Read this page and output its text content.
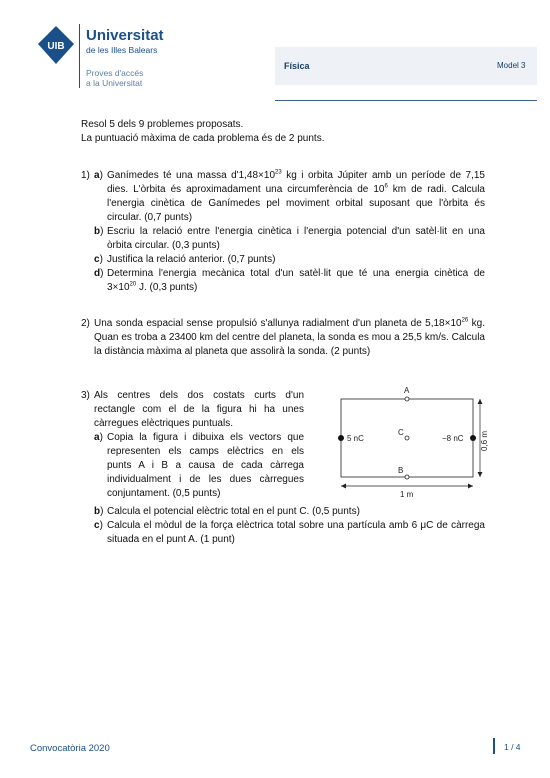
UIB
Universitat
de les Illes Balears
Proves d'accés
a la Universitat
Física	Model 3

Resol 5 dels 9 problemes proposats.

La puntuació màxima de cada problema és de 2 punts.

1) a) Ganímedes té una massa $d'1,48\times 10^{23}$ kg i orbita Júpiter amb un període de 7,15 dies. L'òrbita és aproximadament una circumferència de $10^6$ km de radi. Calcula l'energia cinètica de Ganímedes pel moviment orbital suposant que l'òrbita és circular. (0,7 punts)
b) Escriu la relació entre l'energia cinètica i l'energia potencial d'un satèl·lit en una òrbita circular. (0,3 punts)
c) Justifica la relació anterior. (0,7 punts)
d) Determina l'energia mecànica total d'un satèl·lit que té una energia cinètica de $3\times 10^{20}$ J. (0,3 punts)
2) Una sonda espacial sense propulsió s'allunya radialment d'un planeta de $5,18\times 10^{26}$ kg. Quan es troba a 23400 km del centre del planeta, la sonda es mou a 25,5 km/s. Calcula la distància màxima al planeta que assolirà la sonda. (2 punts)
3) Als centres dels dos costats curts d'un rectangle com el de la figura hi ha unes càrregues elèctriques puntuals.
a) Copia la figura i dibuixa els vectors que representen els camps elèctrics en els punts A i B a causa de cada càrrega individualment i de les dues càrregues conjuntament. (0,5 punts)
A
C
B
5 nC	−8 nC
1 m
0,6 m
b) Calcula el potencial elèctric total en el punt C. (0,5 punts)
c) Calcula el mòdul de la força elèctrica total sobre una partícula amb 6 μC de càrrega situada en el punt A. (1 punt)
Convocatòria 2020	1 / 4
